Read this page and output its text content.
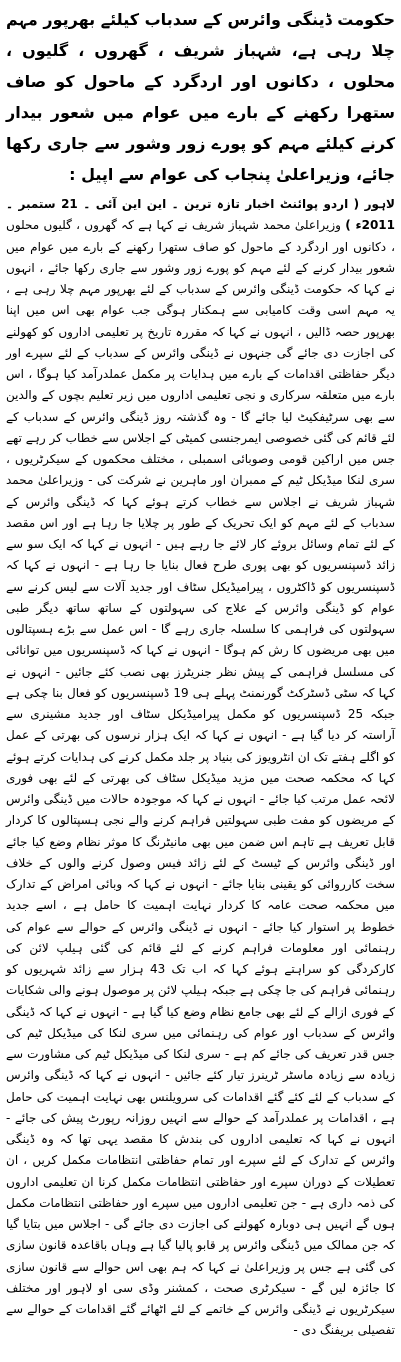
حکومت ڈینگی وائرس کے سدباب کیلئے بھرپور مہم چلا رہی ہے، شہباز شریف ، گھروں ، گلیوں ، محلوں ، دکانوں اور اردگرد کے ماحول کو صاف ستھرا رکھنے کے بارے میں عوام میں شعور بیدار کرنے کیلئے مہم کو پورے زور وشور سے جاری رکھا جائے، وزیراعلیٰ پنجاب کی عوام سے اپیل :

لاہور ( اردو پوائنٹ اخبار تازہ ترین ۔ این این آئی ۔ 21 ستمبر ۔ 2011ء ) وزیراعلیٰ محمد شہباز شریف نے کہا ہے کہ گھروں ، گلیوں محلوں ، دکانوں اور اردگرد کے ماحول کو صاف ستھرا رکھنے کے بارے میں عوام میں شعور بیدار کرنے کے لئے مہم کو پورے زور وشور سے جاری رکھا جائے ، انہوں نے کہا کہ حکومت ڈینگی وائرس کے سدباب کے لئے بھرپور مہم چلا رہی ہے ، یہ مہم اسی وقت کامیابی سے ہمکنار ہوگی جب عوام بھی اس میں اپنا بھرپور حصہ ڈالیں ، انہوں نے کہا کہ مقررہ تاریخ پر تعلیمی اداروں کو کھولنے کی اجازت دی جائے گی جنہوں نے ڈینگی وائرس کے سدباب کے لئے سپرے اور دیگر حفاظتی اقدامات کے بارے میں ہدایات پر مکمل عملدرآمد کیا ہوگا ، اس بارے میں متعلقہ سرکاری و نجی تعلیمی اداروں میں زیر تعلیم بچوں کے والدین سے بھی سرٹیفکیٹ لیا جائے گا - وہ گذشتہ روز ڈینگی وائرس کے سدباب کے لئے قائم کی گئی خصوصی ایمرجنسی کمیٹی کے اجلاس سے خطاب کر رہے تھے جس میں اراکین قومی وصوبائی اسمبلی ، مختلف محکموں کے سیکرٹریوں ، سری لنکا میڈیکل ٹیم کے ممبران اور ماہرین نے شرکت کی - وزیراعلیٰ محمد شہباز شریف نے اجلاس سے خطاب کرتے ہوئے کہا کہ ڈینگی وائرس کے سدباب کے لئے مہم کو ایک تحریک کے طور پر چلایا جا رہا ہے اور اس مقصد کے لئے تمام وسائل بروئے کار لائے جا رہے ہیں - انہوں نے کہا کہ ایک سو سے زائد ڈسپنسریوں کو بھی پوری طرح فعال بنایا جا رہا ہے - انہوں نے کہا کہ ڈسپنسریوں کو ڈاکٹروں ، پیرامیڈیکل سٹاف اور جدید آلات سے لیس کرنے سے عوام کو ڈینگی وائرس کے علاج کی سہولتوں کے ساتھ ساتھ دیگر طبی سہولتوں کی فراہمی کا سلسلہ جاری رہے گا - اس عمل سے بڑے ہسپتالوں میں بھی مریضوں کا رش کم ہوگا - انہوں نے کہا کہ ڈسپنسریوں میں توانائی کی مسلسل فراہمی کے پیش نظر جنریٹرز بھی نصب کئے جائیں - انہوں نے کہا کہ سٹی ڈسٹرکٹ گورنمنٹ پہلے ہی 19 ڈسپنسریوں کو فعال بنا چکی ہے جبکہ 25 ڈسپنسریوں کو مکمل پیرامیڈیکل سٹاف اور جدید مشینری سے آراستہ کر دیا گیا ہے - انہوں نے کہا کہ ایک ہزار نرسوں کی بھرتی کے عمل کو اگلے ہفتے تک ان انٹرویوز کی بنیاد پر جلد مکمل کرنے کی ہدایات کرتے ہوئے کہا کہ محکمہ صحت میں مزید میڈیکل سٹاف کی بھرتی کے لئے بھی فوری لائحہ عمل مرتب کیا جائے - انہوں نے کہا کہ موجودہ حالات میں ڈینگی وائرس کے مریضوں کو مفت طبی سہولتیں فراہم کرنے والے نجی ہسپتالوں کا کردار قابل تعریف ہے تاہم اس ضمن میں بھی مانیٹرنگ کا موثر نظام وضع کیا جائے اور ڈینگی وائرس کے ٹیسٹ کے لئے زائد فیس وصول کرنے والوں کے خلاف سخت کارروائی کو یقینی بنایا جائے - انہوں نے کہا کہ وبائی امراض کے تدارک میں محکمہ صحت عامہ کا کردار نہایت اہمیت کا حامل ہے ، اسے جدید خطوط پر استوار کیا جائے - انہوں نے ڈینگی وائرس کے حوالے سے عوام کی رہنمائی اور معلومات فراہم کرنے کے لئے قائم کی گئی ہیلپ لائن کی کارکردگی کو سراہتے ہوئے کہا کہ اب تک 43 ہزار سے زائد شہریوں کو رہنمائی فراہم کی جا چکی ہے جبکہ ہیلپ لائن پر موصول ہونے والی شکایات کے فوری ازالے کے لئے بھی جامع نظام وضع کیا گیا ہے - انہوں نے کہا کہ ڈینگی وائرس کے سدباب اور عوام کی رہنمائی میں سری لنکا کی میڈیکل ٹیم کی جس قدر تعریف کی جائے کم ہے - سری لنکا کی میڈیکل ٹیم کی مشاورت سے زیادہ سے زیادہ ماسٹر ٹرینرز تیار کئے جائیں - انہوں نے کہا کہ ڈینگی وائرس کے سدباب کے لئے کئے گئے اقدامات کی سرویلنس بھی نہایت اہمیت کی حامل ہے ، اقدامات پر عملدرآمد کے حوالے سے انہیں روزانہ رپورٹ پیش کی جائے - انہوں نے کہا کہ تعلیمی اداروں کی بندش کا مقصد یہی تھا کہ وہ ڈینگی وائرس کے تدارک کے لئے سپرے اور تمام حفاظتی انتظامات مکمل کریں ، ان تعطیلات کے دوران سپرے اور حفاظتی انتظامات مکمل کرنا ان تعلیمی اداروں کی ذمہ داری ہے - جن تعلیمی اداروں میں سپرے اور حفاظتی انتظامات مکمل ہوں گے انہیں ہی دوبارہ کھولنے کی اجازت دی جائے گی - اجلاس میں بتایا گیا کہ جن ممالک میں ڈینگی وائرس پر قابو پالیا گیا ہے وہاں باقاعدہ قانون سازی کی گئی ہے جس پر وزیراعلیٰ نے کہا کہ ہم بھی اس حوالے سے قانون سازی کا جائزہ لیں گے - سیکرٹری صحت ، کمشنر وڈی سی او لاہور اور مختلف سیکرٹریوں نے ڈینگی وائرس کے خاتمے کے لئے اٹھائے گئے اقدامات کے حوالے سے تفصیلی بریفنگ دی -
